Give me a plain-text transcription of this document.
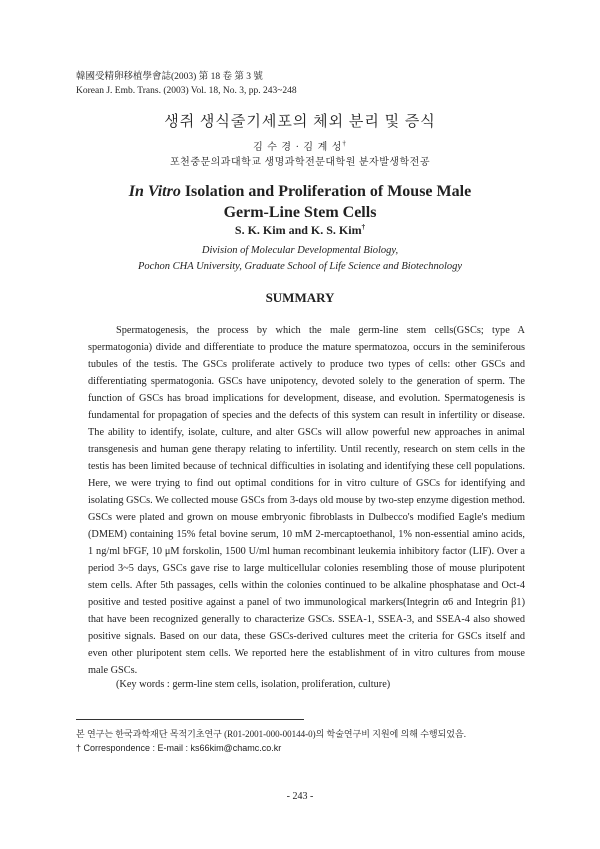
韓國受精卵移植學會誌(2003) 第 18 卷 第 3 號
Korean J. Emb. Trans. (2003) Vol. 18, No. 3, pp. 243~248
생쥐 생식줄기세포의 체외 분리 및 증식
김 수 경 · 김 계 성†
포천중문의과대학교 생명과학전문대학원 분자발생학전공
In Vitro Isolation and Proliferation of Mouse Male
Germ-Line Stem Cells
S. K. Kim and K. S. Kim†
Division of Molecular Developmental Biology,
Pochon CHA University, Graduate School of Life Science and Biotechnology
SUMMARY

Spermatogenesis, the process by which the male germ-line stem cells(GSCs; type A spermatogonia) divide and differentiate to produce the mature spermatozoa, occurs in the seminiferous tubules of the testis. The GSCs proliferate actively to produce two types of cells: other GSCs and differentiating spermatogonia. GSCs have unipotency, devoted solely to the generation of sperm. The function of GSCs has broad implications for development, disease, and evolution. Spermatogenesis is fundamental for propagation of species and the defects of this system can result in infertility or disease. The ability to identify, isolate, culture, and alter GSCs will allow powerful new approaches in animal transgenesis and human gene therapy relating to infertility. Until recently, research on stem cells in the testis has been limited because of technical difficulties in isolating and identifying these cell populations. Here, we were trying to find out optimal conditions for in vitro culture of GSCs for identifying and isolating GSCs. We collected mouse GSCs from 3-days old mouse by two-step enzyme digestion method. GSCs were plated and grown on mouse embryonic fibroblasts in Dulbecco's modified Eagle's medium (DMEM) containing 15% fetal bovine serum, 10 mM 2-mercaptoethanol, 1% non-essential amino acids, 1 ng/ml bFGF, 10 μM forskolin, 1500 U/ml human recombinant leukemia inhibitory factor (LIF). Over a period 3~5 days, GSCs gave rise to large multicellular colonies resembling those of mouse pluripotent stem cells. After 5th passages, cells within the colonies continued to be alkaline phosphatase and Oct-4 positive and tested positive against a panel of two immunological markers(Integrin α6 and Integrin β1) that have been recognized generally to characterize GSCs. SSEA-1, SSEA-3, and SSEA-4 also showed positive signals. Based on our data, these GSCs-derived cultures meet the criteria for GSCs itself and even other pluripotent stem cells. We reported here the establishment of in vitro cultures from mouse male GSCs.

(Key words : germ-line stem cells, isolation, proliferation, culture)
본 연구는 한국과학재단 목적기초연구 (R01-2001-000-00144-0)의 학술연구비 지원에 의해 수행되었음.
† Correspondence : E-mail : ks66kim@chamc.co.kr
- 243 -
